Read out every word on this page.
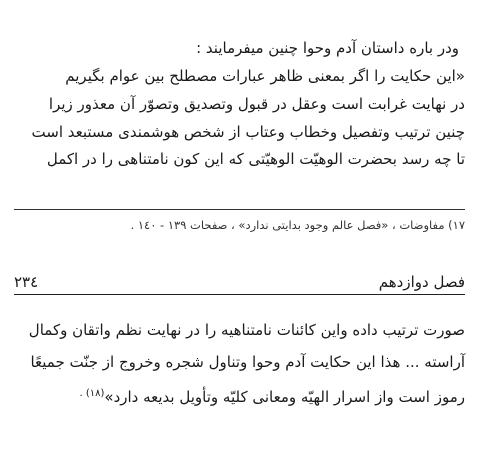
ودر باره داستان آدم وحوا چنین میفرمایند :

«این حکایت را اگر بمعنی ظاهر عبارات مصطلح بین عوام بگیریم

در نهایت غرابت است وعقل در قبول وتصدیق وتصوّر آن معذور زیرا

چنین ترتیب وتفصیل وخطاب وعتاب از شخص هوشمندی مستبعد است

تا چه رسد بحضرت الوهیّت الوهیّتی که این کون نامتناهی را در اکمل

١٧) مفاوضات ، «فصل عالم وجود بدایتی ندارد» ، صفحات ١٣٩ - ١٤٠ .

٢٣٤	فصل دوازدهم

صورت ترتیب داده واین کائنات نامتناهیه را در نهایت نظم واتقان وکمال

آراسته ... هذا این حکایت آدم وحوا وتناول شجره وخروج از جنّت جمیعًا

رموز است واز اسرار الهیّه ومعانی کلیّه وتأویل بدیعه دارد»$^{(١٨) .}$
